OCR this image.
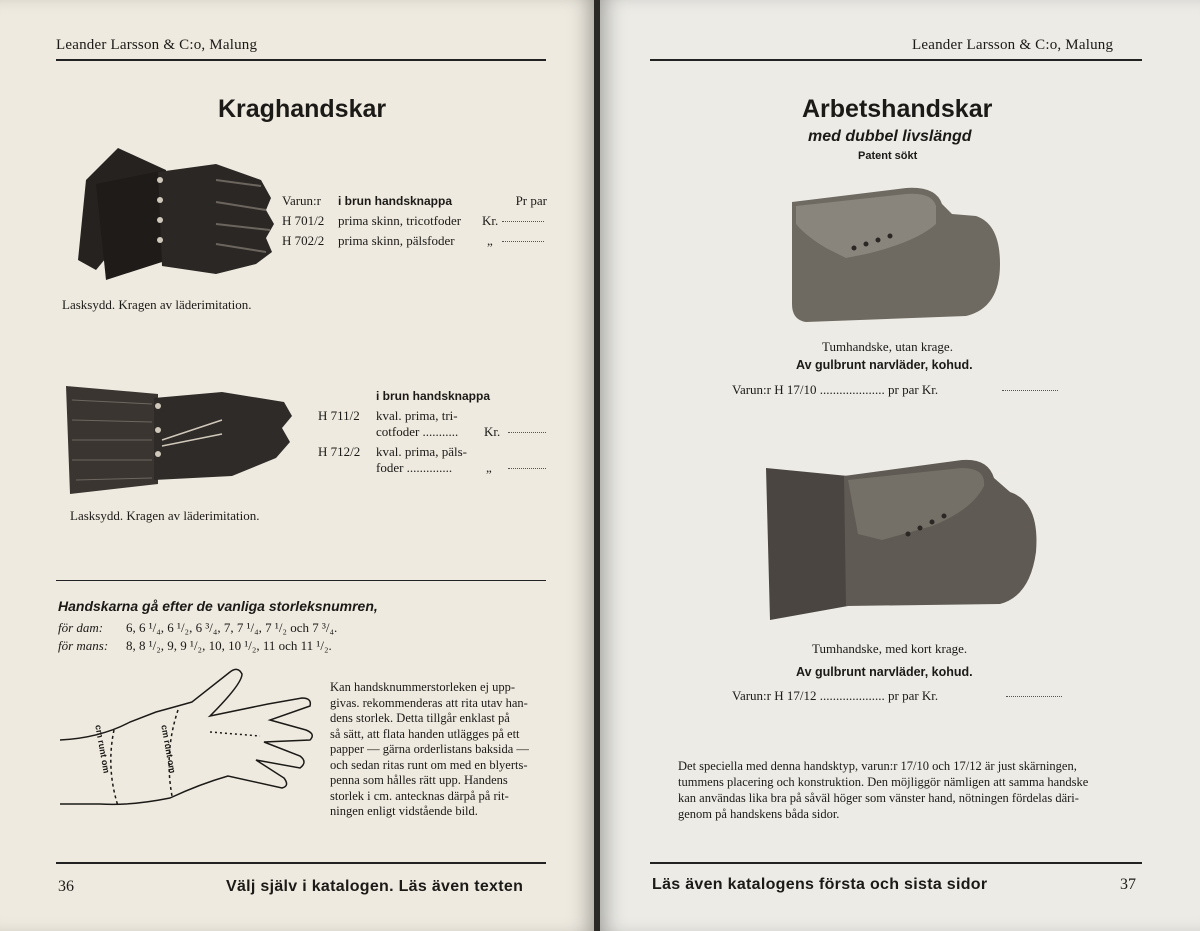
Leander Larsson & C:o, Malung
Kraghandskar
Varun:r i brun handsknappa	Pr par
H 701/2 prima skinn, tricotfoder Kr.
H 702/2 prima skinn, pälsfoder „
Lasksydd. Kragen av läderimitation.
i brun handsknappa
H 711/2 kval. prima, tri-
cotfoder ........... Kr.
H 712/2 kval. prima, päls-
foder ..............	„
Lasksydd. Kragen av läderimitation.
Handskarna gå efter de vanliga storleksnumren,
för dam: 6, 6 ¹/₄, 6 ¹/₂, 6 ³/₄, 7, 7 ¹/₄, 7 ¹/₂ och 7 ³/₄.
för mans: 8, 8 ¹/₂, 9, 9 ¹/₂, 10, 10 ¹/₂, 11 och 11 ¹/₂.
cm runt om	cm runt om
Kan handsknummerstorleken ej upp-
givas. rekommenderas att rita utav han-
dens storlek. Detta tillgår enklast på
så sätt, att flata handen utlägges på ett
papper — gärna orderlistans baksida —
och sedan ritas runt om med en blyerts-
penna som hålles rätt upp. Handens
storlek i cm. antecknas därpå på rit-
ningen enligt vidstående bild.
36	Välj själv i katalogen. Läs även texten
Leander Larsson & C:o, Malung
Arbetshandskar
med dubbel livslängd
Patent sökt
Tumhandske, utan krage.
Av gulbrunt narvläder, kohud.
Varun:r H 17/10 .................... pr par Kr.
Tumhandske, med kort krage.
Av gulbrunt narvläder, kohud.
Varun:r H 17/12 .................... pr par Kr.
Det speciella med denna handsktyp, varun:r 17/10 och 17/12 är just skärningen,
tummens placering och konstruktion. Den möjliggör nämligen att samma handske
kan användas lika bra på såväl höger som vänster hand, nötningen fördelas däri-
genom på handskens båda sidor.
Läs även katalogens första och sista sidor	37
